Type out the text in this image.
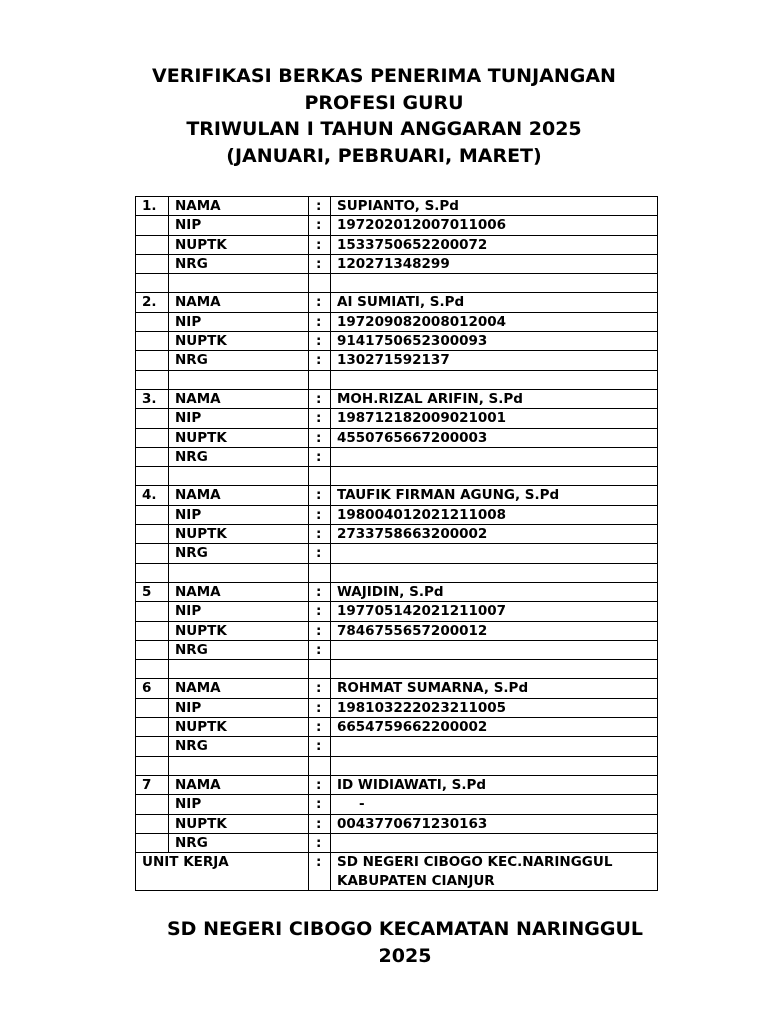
VERIFIKASI BERKAS PENERIMA TUNJANGAN
PROFESI GURU
TRIWULAN I TAHUN ANGGARAN 2025
(JANUARI, PEBRUARI, MARET)
1.	NAMA	:	SUPIANTO, S.Pd
	NIP	:	197202012007011006
	NUPTK	:	1533750652200072
	NRG	:	120271348299

2.	NAMA	:	AI SUMIATI, S.Pd
	NIP	:	197209082008012004
	NUPTK	:	9141750652300093
	NRG	:	130271592137

3.	NAMA	:	MOH.RIZAL ARIFIN, S.Pd
	NIP	:	198712182009021001
	NUPTK	:	4550765667200003
	NRG	:	

4.	NAMA	:	TAUFIK FIRMAN AGUNG, S.Pd
	NIP	:	198004012021211008
	NUPTK	:	2733758663200002
	NRG	:	

5	NAMA	:	WAJIDIN, S.Pd
	NIP	:	197705142021211007
	NUPTK	:	7846755657200012
	NRG	:	

6	NAMA	:	ROHMAT SUMARNA, S.Pd
	NIP	:	198103222023211005
	NUPTK	:	6654759662200002
	NRG	:	

7	NAMA	:	ID WIDIAWATI, S.Pd
	NIP	:	-
	NUPTK	:	0043770671230163
	NRG	:	
UNIT KERJA		:	SD NEGERI CIBOGO KEC.NARINGGUL KABUPATEN CIANJUR
SD NEGERI CIBOGO KECAMATAN NARINGGUL
2025
